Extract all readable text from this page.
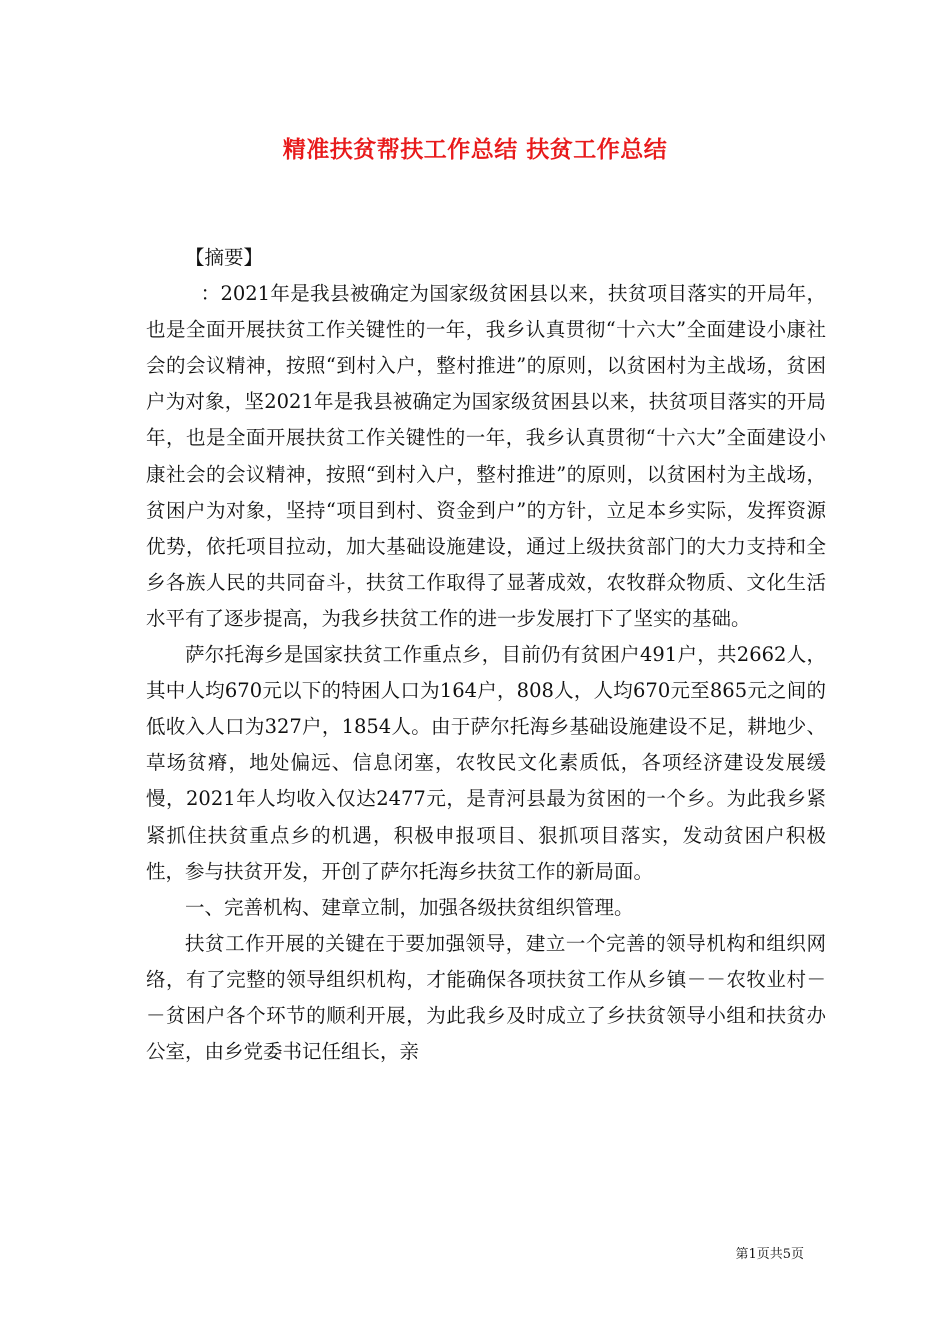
精准扶贫帮扶工作总结 扶贫工作总结

【摘要】

：2021年是我县被确定为国家级贫困县以来，扶贫项目落实的开局年，也是全面开展扶贫工作关键性的一年，我乡认真贯彻“十六大”全面建设小康社会的会议精神，按照“到村入户，整村推进”的原则，以贫困村为主战场，贫困户为对象，坚2021年是我县被确定为国家级贫困县以来，扶贫项目落实的开局年，也是全面开展扶贫工作关键性的一年，我乡认真贯彻“十六大”全面建设小康社会的会议精神，按照“到村入户，整村推进”的原则，以贫困村为主战场，贫困户为对象，坚持“项目到村、资金到户”的方针，立足本乡实际，发挥资源优势，依托项目拉动，加大基础设施建设，通过上级扶贫部门的大力支持和全乡各族人民的共同奋斗，扶贫工作取得了显著成效，农牧群众物质、文化生活水平有了逐步提高，为我乡扶贫工作的进一步发展打下了坚实的基础。

萨尔托海乡是国家扶贫工作重点乡，目前仍有贫困户491户，共2662人，其中人均670元以下的特困人口为164户，808人，人均670元至865元之间的低收入人口为327户，1854人。由于萨尔托海乡基础设施建设不足，耕地少、草场贫瘠，地处偏远、信息闭塞，农牧民文化素质低，各项经济建设发展缓慢，2021年人均收入仅达2477元，是青河县最为贫困的一个乡。为此我乡紧紧抓住扶贫重点乡的机遇，积极申报项目、狠抓项目落实，发动贫困户积极性，参与扶贫开发，开创了萨尔托海乡扶贫工作的新局面。

一、完善机构、建章立制，加强各级扶贫组织管理。

扶贫工作开展的关键在于要加强领导，建立一个完善的领导机构和组织网络，有了完整的领导组织机构，才能确保各项扶贫工作从乡镇－－农牧业村－－贫困户各个环节的顺利开展，为此我乡及时成立了乡扶贫领导小组和扶贫办公室，由乡党委书记任组长，亲

第1页共5页
